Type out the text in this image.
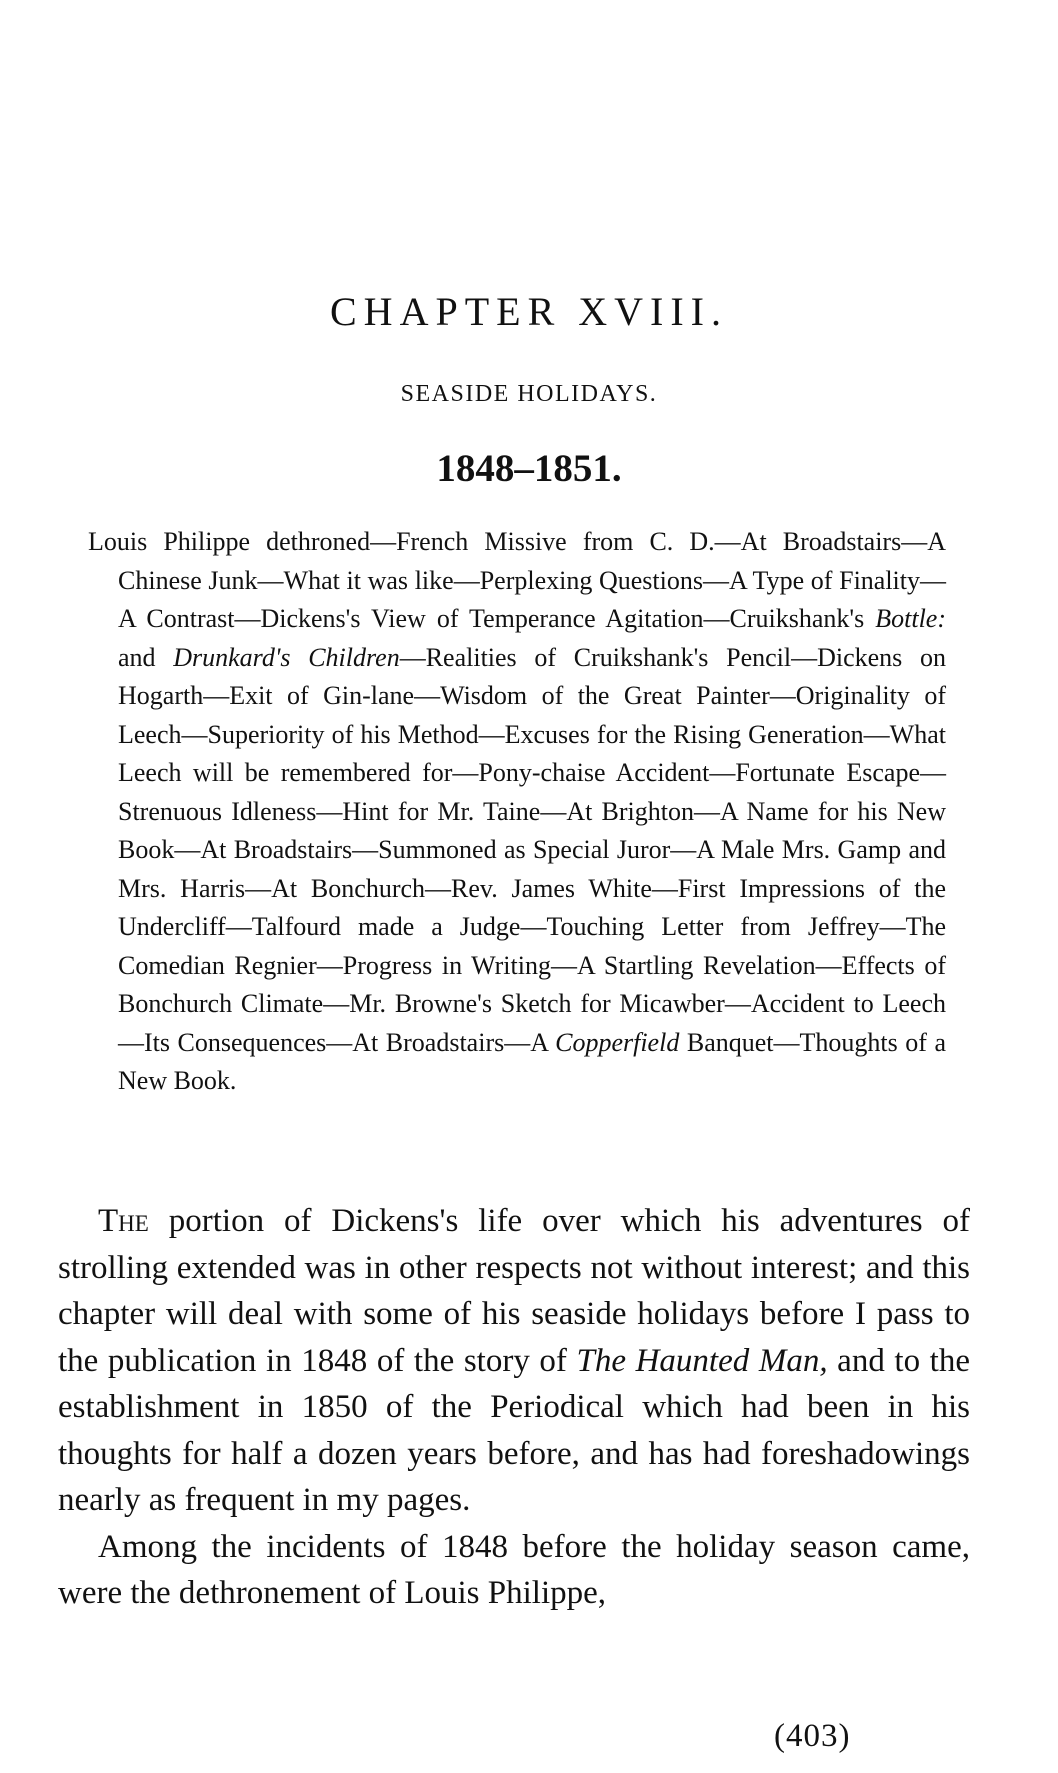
CHAPTER XVIII.
SEASIDE HOLIDAYS.
1848–1851.

Louis Philippe dethroned—French Missive from C. D.—At Broadstairs—A Chinese Junk—What it was like—Perplexing Questions—A Type of Finality—A Contrast—Dickens's View of Temperance Agitation—Cruikshank's Bottle: and Drunkard's Children—Realities of Cruikshank's Pencil—Dickens on Hogarth—Exit of Gin-lane—Wisdom of the Great Painter—Originality of Leech—Superiority of his Method—Excuses for the Rising Generation—What Leech will be remembered for—Pony-chaise Accident—Fortunate Escape—Strenuous Idleness—Hint for Mr. Taine—At Brighton—A Name for his New Book—At Broadstairs—Summoned as Special Juror—A Male Mrs. Gamp and Mrs. Harris—At Bonchurch—Rev. James White—First Impressions of the Undercliff—Talfourd made a Judge—Touching Letter from Jeffrey—The Comedian Regnier—Progress in Writing—A Startling Revelation—Effects of Bonchurch Climate—Mr. Browne's Sketch for Micawber—Accident to Leech—Its Consequences—At Broadstairs—A Copperfield Banquet—Thoughts of a New Book.

The portion of Dickens's life over which his adventures of strolling extended was in other respects not without interest; and this chapter will deal with some of his seaside holidays before I pass to the publication in 1848 of the story of The Haunted Man, and to the establishment in 1850 of the Periodical which had been in his thoughts for half a dozen years before, and has had foreshadowings nearly as frequent in my pages.

Among the incidents of 1848 before the holiday season came, were the dethronement of Louis Philippe,

(403)
